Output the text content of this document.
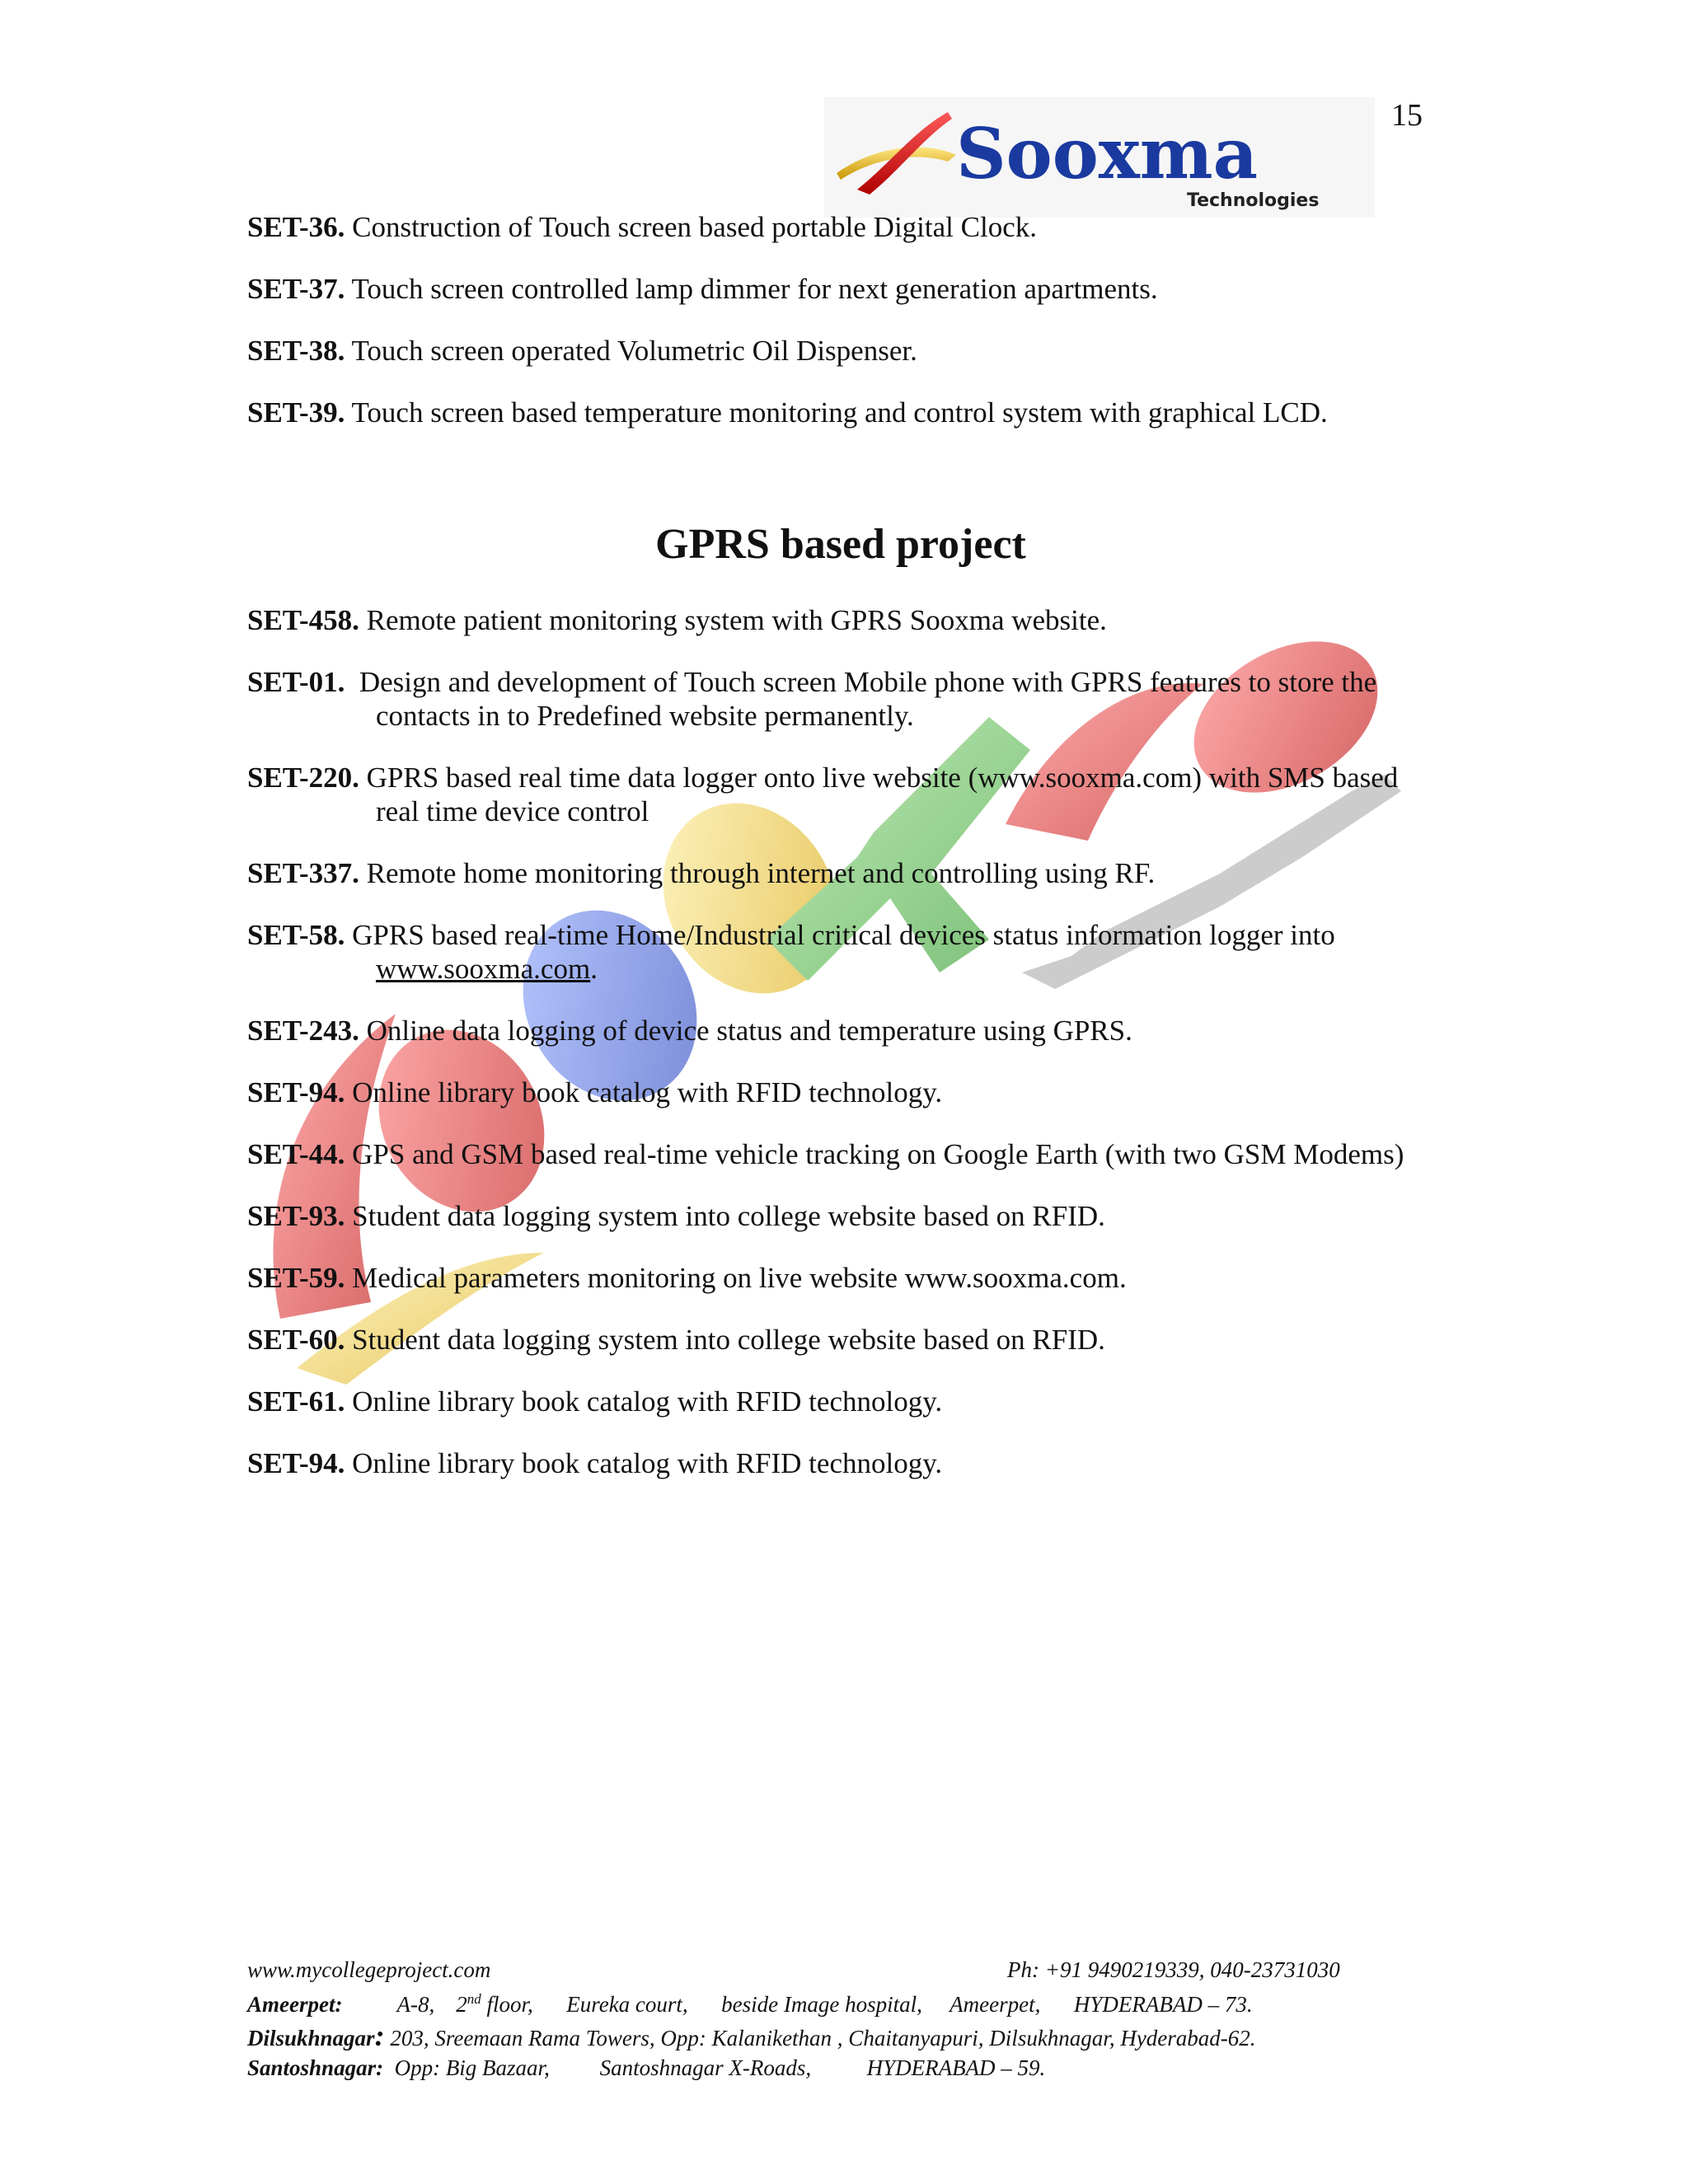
15
Sooxma
Technologies
SET-36. Construction of Touch screen based portable Digital Clock.
SET-37. Touch screen controlled lamp dimmer for next generation apartments.
SET-38. Touch screen operated Volumetric Oil Dispenser.
SET-39. Touch screen based temperature monitoring and control system with graphical LCD.
GPRS based project
SET-458. Remote patient monitoring system with GPRS Sooxma website.
SET-01.  Design and development of Touch screen Mobile phone with GPRS features to store the contacts in to Predefined website permanently.
SET-220. GPRS based real time data logger onto live website (www.sooxma.com) with SMS based real time device control
SET-337. Remote home monitoring through internet and controlling using RF.
SET-58. GPRS based real-time Home/Industrial critical devices status information logger into www.sooxma.com.
SET-243. Online data logging of device status and temperature using GPRS.
SET-94. Online library book catalog with RFID technology.
SET-44. GPS and GSM based real-time vehicle tracking on Google Earth (with two GSM Modems)
SET-93. Student data logging system into college website based on RFID.
SET-59. Medical parameters monitoring on live website www.sooxma.com.
SET-60. Student data logging system into college website based on RFID.
SET-61. Online library book catalog with RFID technology.
SET-94. Online library book catalog with RFID technology.
www.mycollegeproject.com	Ph: +91 9490219339, 040-23731030
Ameerpet: A-8, 2nd floor,      Eureka court,      beside Image hospital,     Ameerpet,      HYDERABAD – 73.
Dilsukhnagar: 203, Sreemaan Rama Towers, Opp: Kalanikethan , Chaitanyapuri, Dilsukhnagar, Hyderabad-62.
Santoshnagar:  Opp: Big Bazaar,         Santoshnagar X-Roads,          HYDERABAD – 59.
